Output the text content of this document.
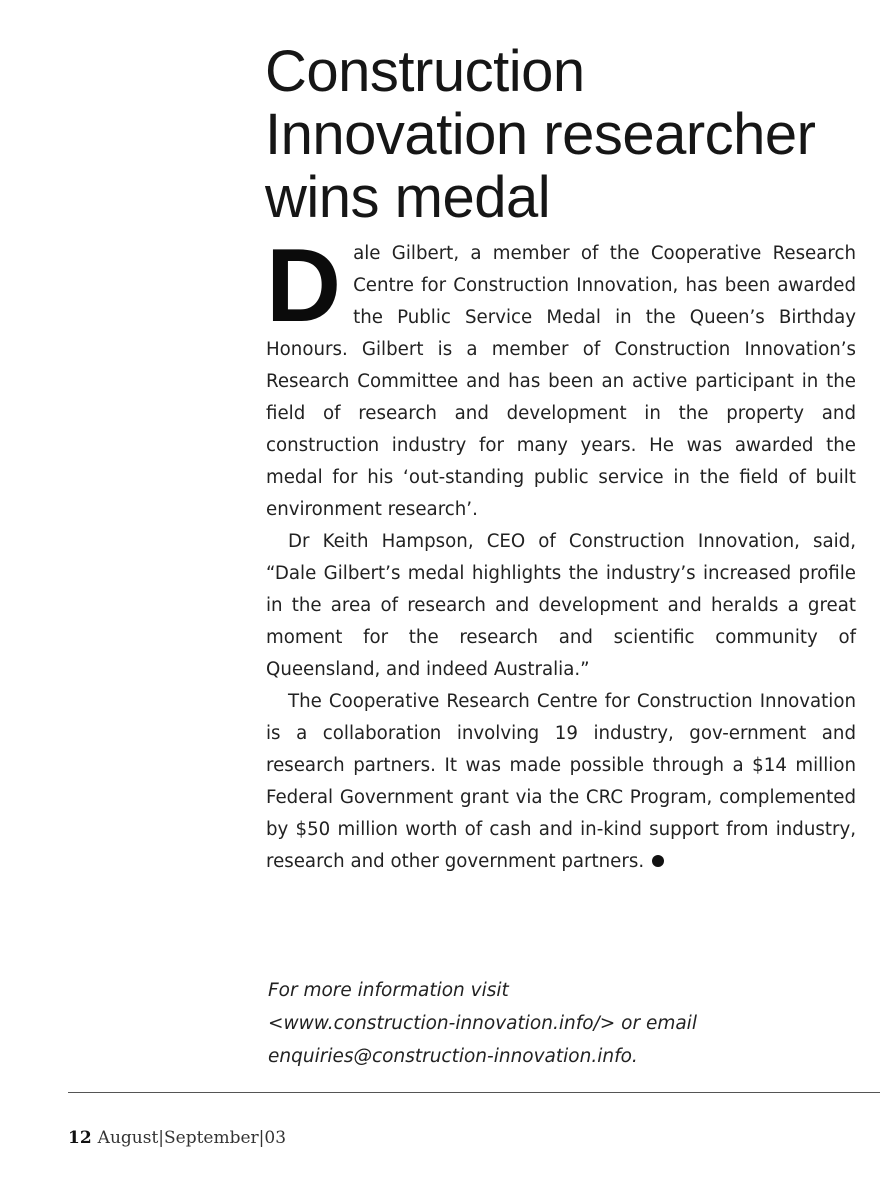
Construction
Innovation researcher
wins medal

Dale Gilbert, a member of the Cooperative Research Centre for Construction Innovation, has been awarded the Public Service Medal in the Queen’s Birthday Honours. Gilbert is a member of Construction Innovation’s Research Committee and has been an active participant in the field of research and development in the property and construction industry for many years. He was awarded the medal for his ‘out-standing public service in the field of built environment research’.

Dr Keith Hampson, CEO of Construction Innovation, said, “Dale Gilbert’s medal highlights the industry’s increased profile in the area of research and development and heralds a great moment for the research and scientific community of Queensland, and indeed Australia.”

The Cooperative Research Centre for Construction Innovation is a collaboration involving 19 industry, gov-ernment and research partners. It was made possible through a $14 million Federal Government grant via the CRC Program, complemented by $50 million worth of cash and in-kind support from industry, research and other government partners.

For more information visit
<www.construction-innovation.info/> or email
enquiries@construction-innovation.info.
12 August|September|03
